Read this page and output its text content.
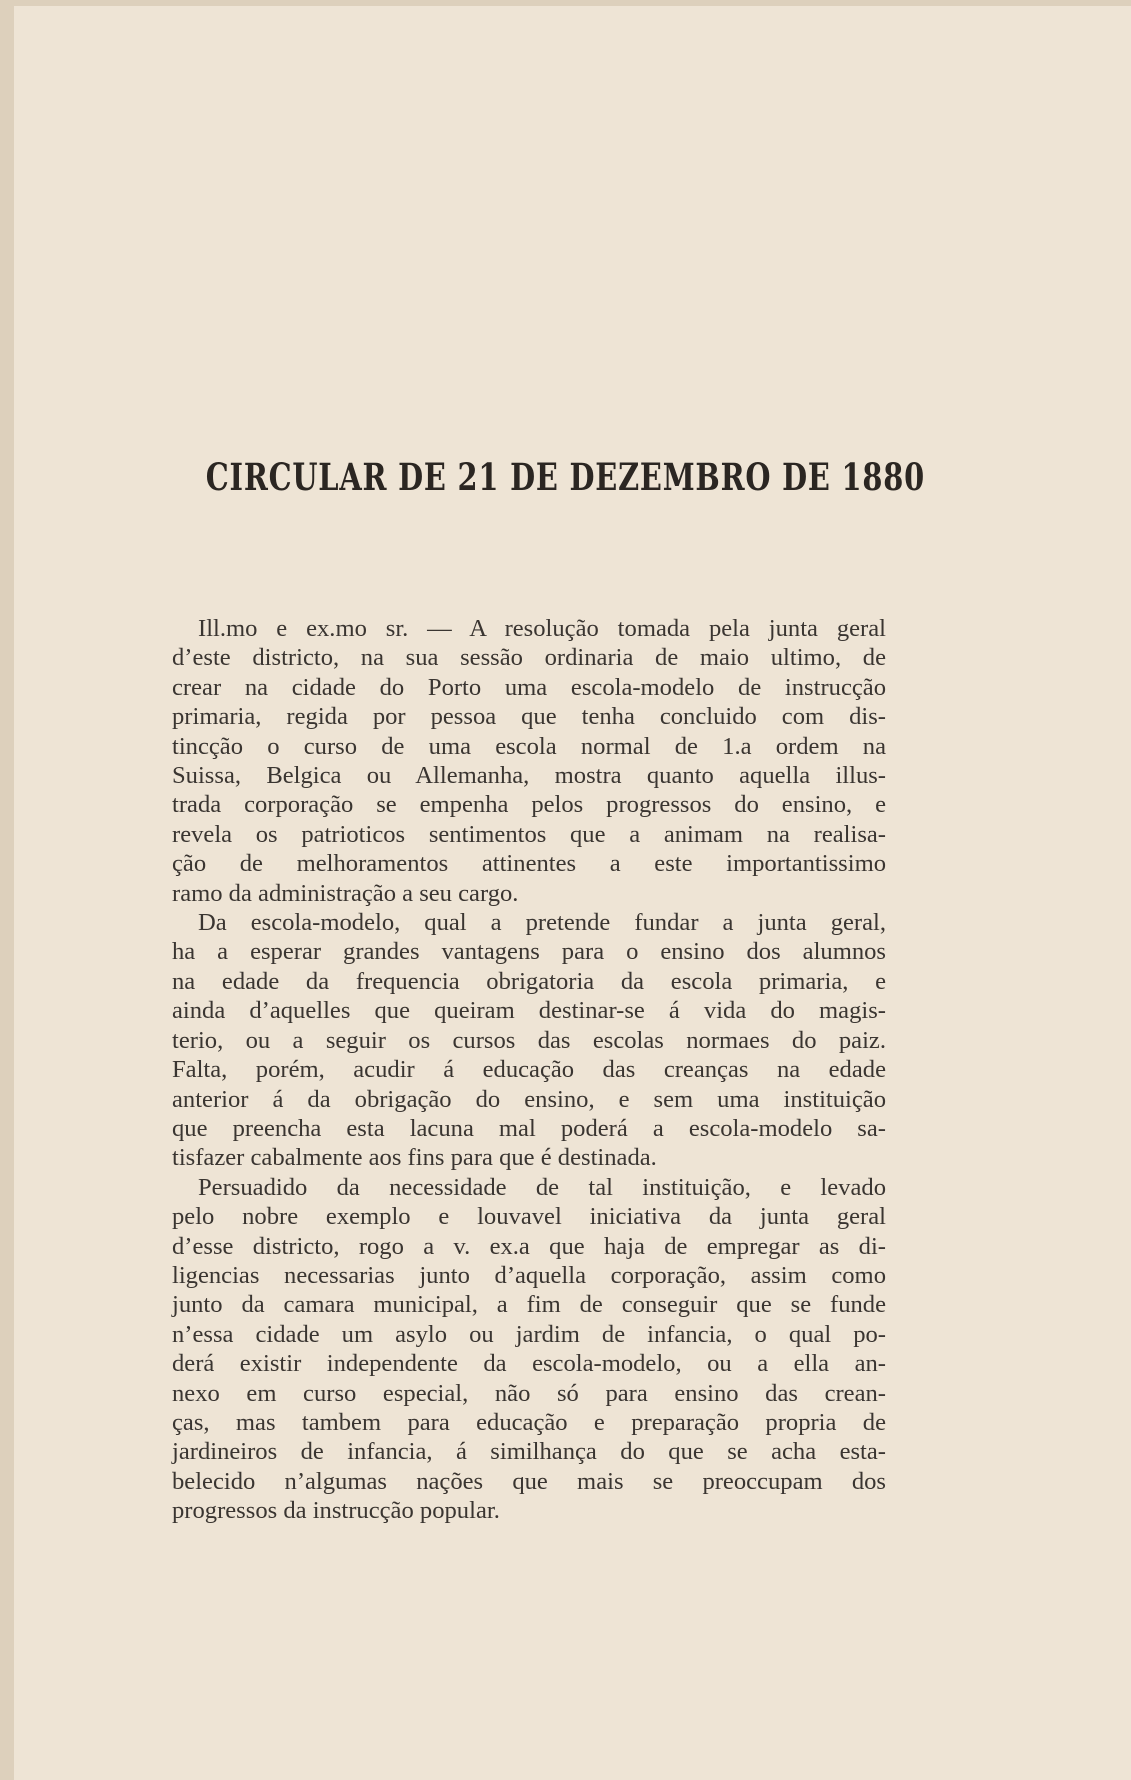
CIRCULAR DE 21 DE DEZEMBRO DE 1880
Ill.mo e ex.mo sr. — A resolução tomada pela junta geral
d’este districto, na sua sessão ordinaria de maio ultimo, de
crear na cidade do Porto uma escola-modelo de instrucção
primaria, regida por pessoa que tenha concluido com dis-
tincção o curso de uma escola normal de 1.a ordem na
Suissa, Belgica ou Allemanha, mostra quanto aquella illus-
trada corporação se empenha pelos progressos do ensino, e
revela os patrioticos sentimentos que a animam na realisa-
ção de melhoramentos attinentes a este importantissimo
ramo da administração a seu cargo.
Da escola-modelo, qual a pretende fundar a junta geral,
ha a esperar grandes vantagens para o ensino dos alumnos
na edade da frequencia obrigatoria da escola primaria, e
ainda d’aquelles que queiram destinar-se á vida do magis-
terio, ou a seguir os cursos das escolas normaes do paiz.
Falta, porém, acudir á educação das creanças na edade
anterior á da obrigação do ensino, e sem uma instituição
que preencha esta lacuna mal poderá a escola-modelo sa-
tisfazer cabalmente aos fins para que é destinada.
Persuadido da necessidade de tal instituição, e levado
pelo nobre exemplo e louvavel iniciativa da junta geral
d’esse districto, rogo a v. ex.a que haja de empregar as di-
ligencias necessarias junto d’aquella corporação, assim como
junto da camara municipal, a fim de conseguir que se funde
n’essa cidade um asylo ou jardim de infancia, o qual po-
derá existir independente da escola-modelo, ou a ella an-
nexo em curso especial, não só para ensino das crean-
ças, mas tambem para educação e preparação propria de
jardineiros de infancia, á similhança do que se acha esta-
belecido n’algumas nações que mais se preoccupam dos
progressos da instrucção popular.
